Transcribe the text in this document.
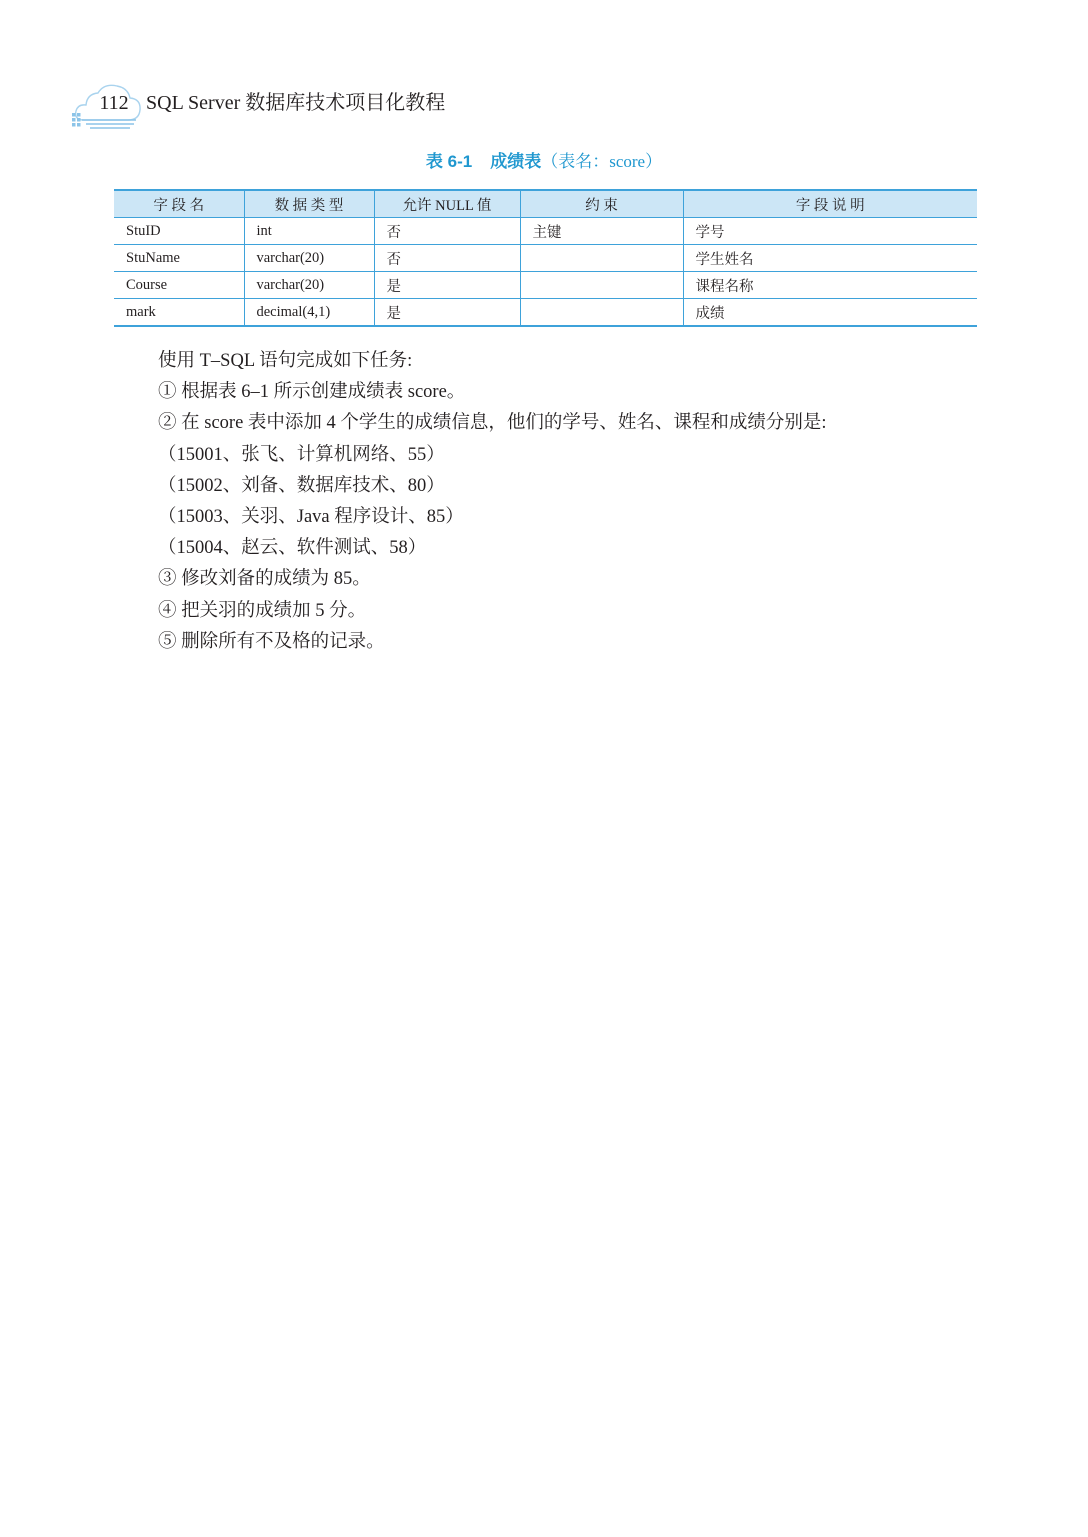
112 SQL Server 数据库技术项目化教程
表 6-1 成绩表（表名：score）
字 段 名	数 据 类 型	允许 NULL 值	约 束	字 段 说 明
StuID	int	否	主键	学号
StuName	varchar(20)	否		学生姓名
Course	varchar(20)	是		课程名称
mark	decimal(4,1)	是		成绩
使用 T–SQL 语句完成如下任务:
① 根据表 6–1 所示创建成绩表 score。
② 在 score 表中添加 4 个学生的成绩信息，他们的学号、姓名、课程和成绩分别是:
（15001、张飞、计算机网络、55）
（15002、刘备、数据库技术、80）
（15003、关羽、Java 程序设计、85）
（15004、赵云、软件测试、58）
③ 修改刘备的成绩为 85。
④ 把关羽的成绩加 5 分。
⑤ 删除所有不及格的记录。
